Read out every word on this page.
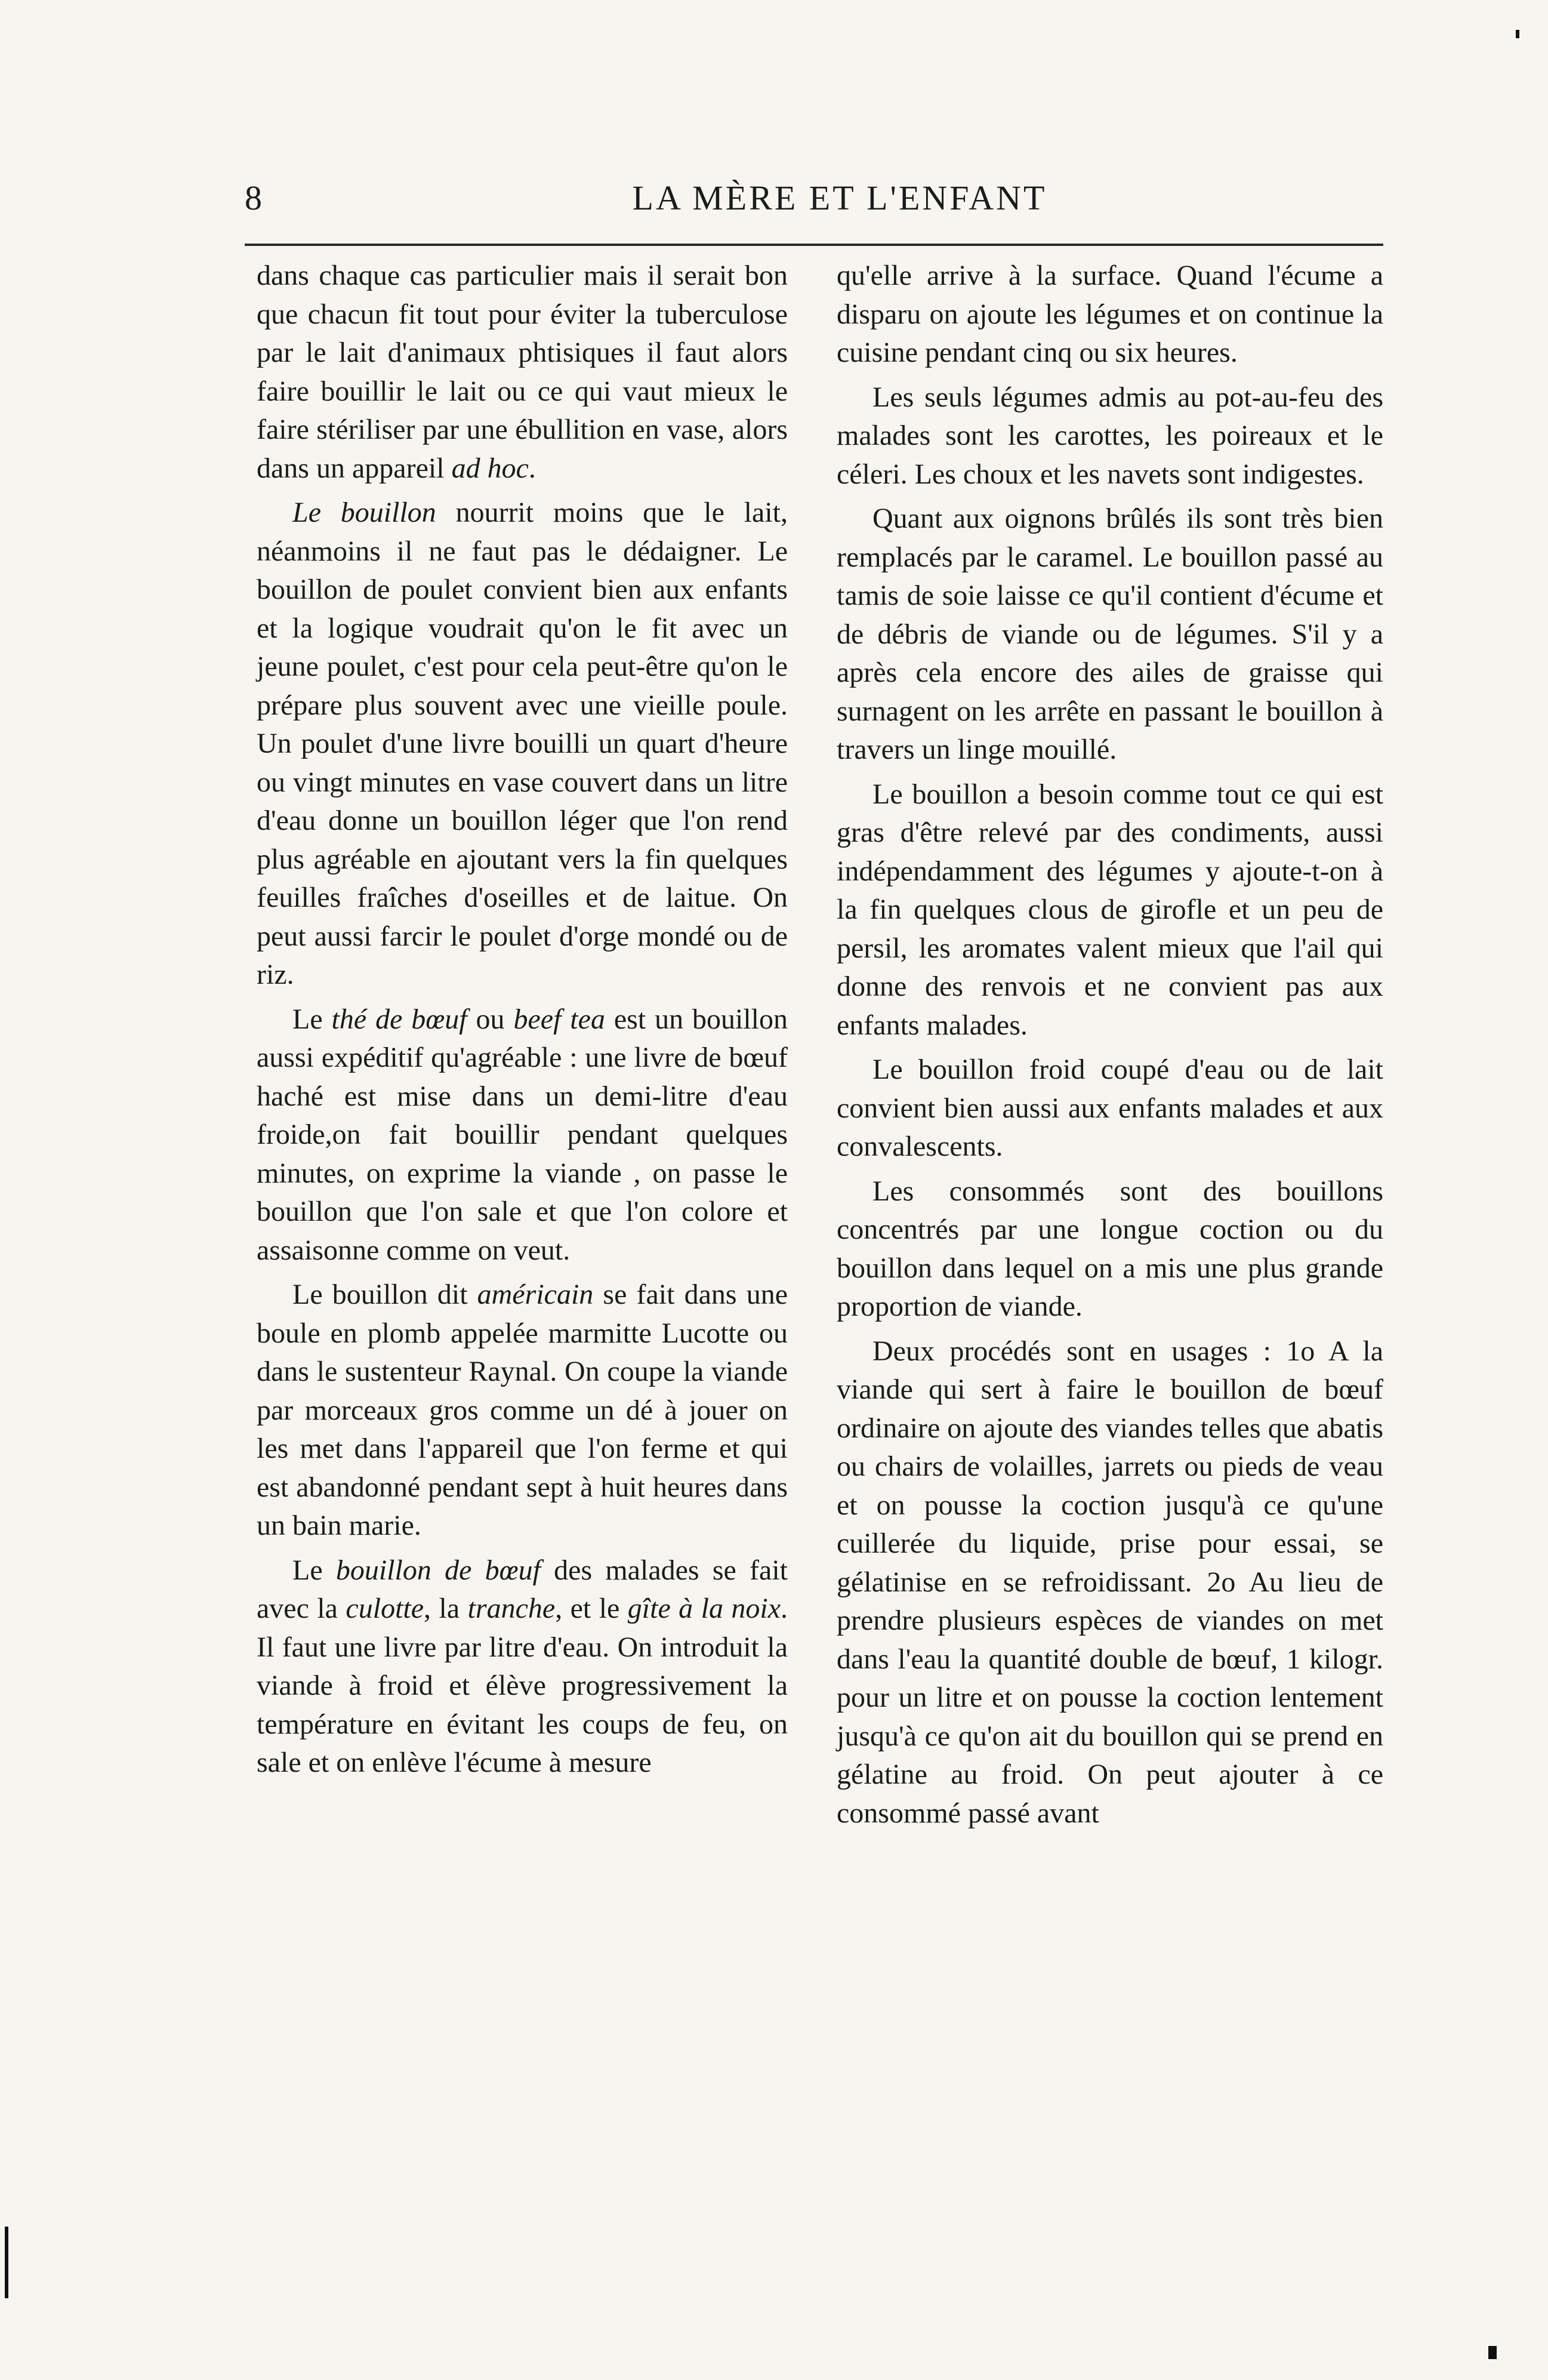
8	LA MÈRE ET L'ENFANT

dans chaque cas particulier mais il serait bon que chacun fit tout pour éviter la tuberculose par le lait d'animaux phtisiques il faut alors faire bouillir le lait ou ce qui vaut mieux le faire stériliser par une ébullition en vase, alors dans un appareil ad hoc.

Le bouillon nourrit moins que le lait, néanmoins il ne faut pas le dédaigner. Le bouillon de poulet convient bien aux enfants et la logique voudrait qu'on le fit avec un jeune poulet, c'est pour cela peut-être qu'on le prépare plus souvent avec une vieille poule. Un poulet d'une livre bouilli un quart d'heure ou vingt minutes en vase couvert dans un litre d'eau donne un bouillon léger que l'on rend plus agréable en ajoutant vers la fin quelques feuilles fraîches d'oseilles et de laitue. On peut aussi farcir le poulet d'orge mondé ou de riz.

Le thé de bœuf ou beef tea est un bouillon aussi expéditif qu'agréable : une livre de bœuf haché est mise dans un demi-litre d'eau froide,on fait bouillir pendant quelques minutes, on exprime la viande , on passe le bouillon que l'on sale et que l'on colore et assaisonne comme on veut.

Le bouillon dit américain se fait dans une boule en plomb appelée marmitte Lucotte ou dans le sustenteur Raynal. On coupe la viande par morceaux gros comme un dé à jouer on les met dans l'appareil que l'on ferme et qui est abandonné pendant sept à huit heures dans un bain marie.

Le bouillon de bœuf des malades se fait avec la culotte, la tranche, et le gîte à la noix. Il faut une livre par litre d'eau. On introduit la viande à froid et élève progressivement la température en évitant les coups de feu, on sale et on enlève l'écume à mesure

qu'elle arrive à la surface. Quand l'écume a disparu on ajoute les légumes et on continue la cuisine pendant cinq ou six heures.

Les seuls légumes admis au pot-au-feu des malades sont les carottes, les poireaux et le céleri. Les choux et les navets sont indigestes.

Quant aux oignons brûlés ils sont très bien remplacés par le caramel. Le bouillon passé au tamis de soie laisse ce qu'il contient d'écume et de débris de viande ou de légumes. S'il y a après cela encore des ailes de graisse qui surnagent on les arrête en passant le bouillon à travers un linge mouillé.

Le bouillon a besoin comme tout ce qui est gras d'être relevé par des condiments, aussi indépendamment des légumes y ajoute-t-on à la fin quelques clous de girofle et un peu de persil, les aromates valent mieux que l'ail qui donne des renvois et ne convient pas aux enfants malades.

Le bouillon froid coupé d'eau ou de lait convient bien aussi aux enfants malades et aux convalescents.

Les consommés sont des bouillons concentrés par une longue coction ou du bouillon dans lequel on a mis une plus grande proportion de viande.

Deux procédés sont en usages : 1o A la viande qui sert à faire le bouillon de bœuf ordinaire on ajoute des viandes telles que abatis ou chairs de volailles, jarrets ou pieds de veau et on pousse la coction jusqu'à ce qu'une cuillerée du liquide, prise pour essai, se gélatinise en se refroidissant. 2o Au lieu de prendre plusieurs espèces de viandes on met dans l'eau la quantité double de bœuf, 1 kilogr. pour un litre et on pousse la coction lentement jusqu'à ce qu'on ait du bouillon qui se prend en gélatine au froid. On peut ajouter à ce consommé passé avant
